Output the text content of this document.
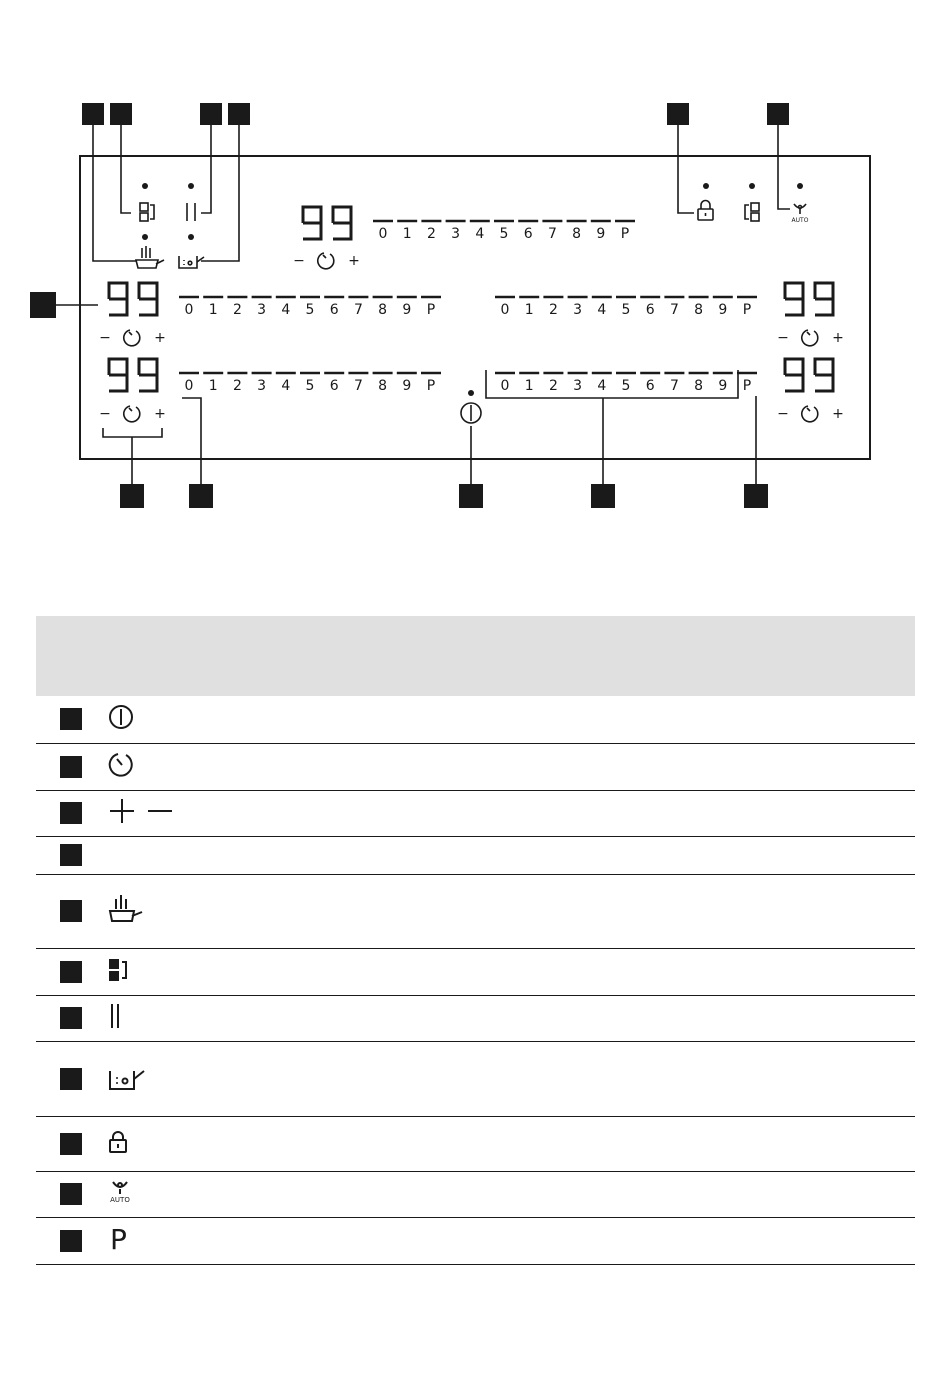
AUTO
99
99	99
99	99
0 1 2 3 4 5 6 7 8 9 P
0 1 2 3 4 5 6 7 8 9 P	0 1 2 3 4 5 6 7 8 9 P
0 1 2 3 4 5 6 7 8 9 P	0 1 2 3 4 5 6 7 8 9 P
−	+
−	+	−	+
−	+	−	+

AUTO	

P	
